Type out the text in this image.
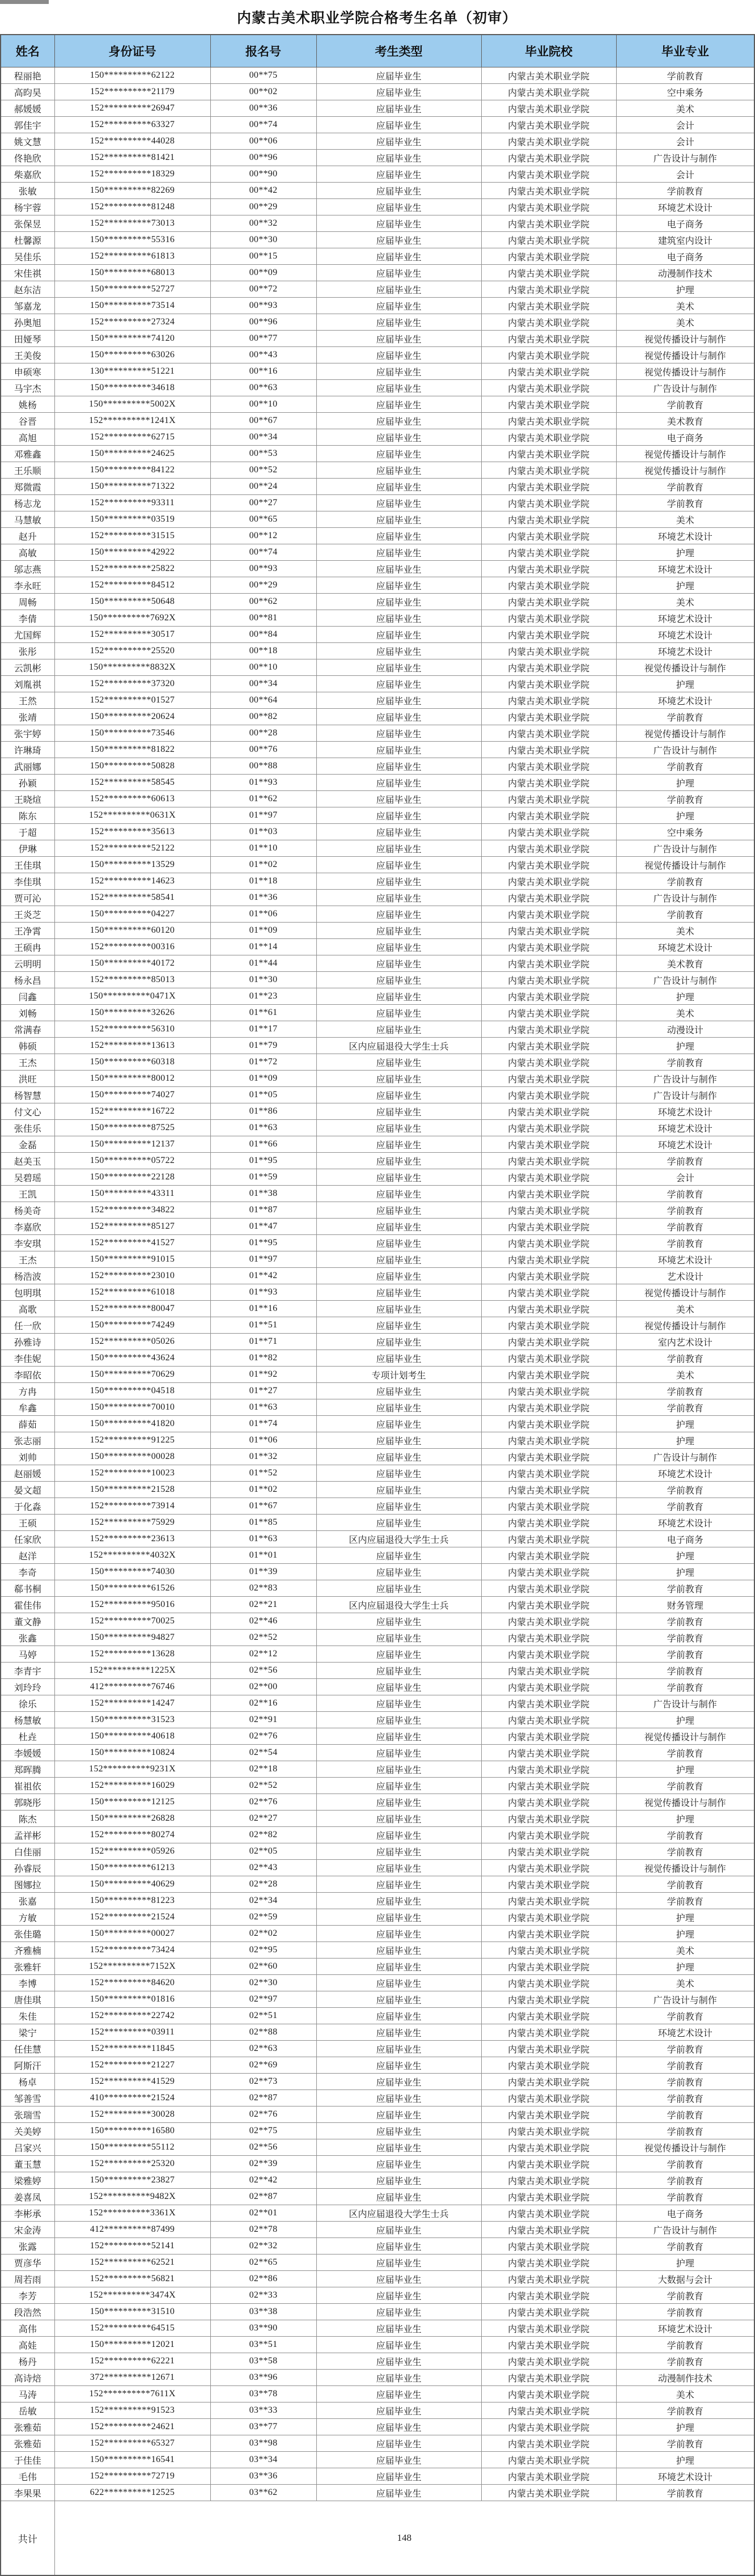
内蒙古美术职业学院合格考生名单（初审）
姓名	身份证号	报名号	考生类型	毕业院校	毕业专业
程丽艳	150**********62122	00**75	应届毕业生	内蒙古美术职业学院	学前教育
高昀昊	152**********21179	00**02	应届毕业生	内蒙古美术职业学院	空中乘务
郝媛媛	152**********26947	00**36	应届毕业生	内蒙古美术职业学院	美术
郭佳宇	152**********63327	00**74	应届毕业生	内蒙古美术职业学院	会计
姚文慧	152**********44028	00**06	应届毕业生	内蒙古美术职业学院	会计
佟艳欣	152**********81421	00**96	应届毕业生	内蒙古美术职业学院	广告设计与制作
柴嘉欣	152**********18329	00**90	应届毕业生	内蒙古美术职业学院	会计
张敏	150**********82269	00**42	应届毕业生	内蒙古美术职业学院	学前教育
杨宇蓉	152**********81248	00**29	应届毕业生	内蒙古美术职业学院	环境艺术设计
张保昱	152**********73013	00**32	应届毕业生	内蒙古美术职业学院	电子商务
杜馨源	150**********55316	00**30	应届毕业生	内蒙古美术职业学院	建筑室内设计
吴佳乐	152**********61813	00**15	应届毕业生	内蒙古美术职业学院	电子商务
宋佳祺	150**********68013	00**09	应届毕业生	内蒙古美术职业学院	动漫制作技术
赵东洁	150**********52727	00**72	应届毕业生	内蒙古美术职业学院	护理
邹嘉龙	150**********73514	00**93	应届毕业生	内蒙古美术职业学院	美术
孙奥旭	152**********27324	00**96	应届毕业生	内蒙古美术职业学院	美术
田娅琴	150**********74120	00**77	应届毕业生	内蒙古美术职业学院	视觉传播设计与制作
王美俊	150**********63026	00**43	应届毕业生	内蒙古美术职业学院	视觉传播设计与制作
申硕寒	130**********51221	00**16	应届毕业生	内蒙古美术职业学院	视觉传播设计与制作
马宇杰	150**********34618	00**63	应届毕业生	内蒙古美术职业学院	广告设计与制作
姚杨	150**********5002X	00**10	应届毕业生	内蒙古美术职业学院	学前教育
谷晋	152**********1241X	00**67	应届毕业生	内蒙古美术职业学院	美术教育
高旭	152**********62715	00**34	应届毕业生	内蒙古美术职业学院	电子商务
邓雅鑫	150**********24625	00**53	应届毕业生	内蒙古美术职业学院	视觉传播设计与制作
王乐顺	150**********84122	00**52	应届毕业生	内蒙古美术职业学院	视觉传播设计与制作
郑微霞	150**********71322	00**24	应届毕业生	内蒙古美术职业学院	学前教育
杨志龙	152**********93311	00**27	应届毕业生	内蒙古美术职业学院	学前教育
马慧敏	150**********03519	00**65	应届毕业生	内蒙古美术职业学院	美术
赵升	152**********31515	00**12	应届毕业生	内蒙古美术职业学院	环境艺术设计
高敏	150**********42922	00**74	应届毕业生	内蒙古美术职业学院	护理
邬志燕	152**********25822	00**93	应届毕业生	内蒙古美术职业学院	环境艺术设计
李永旺	152**********84512	00**29	应届毕业生	内蒙古美术职业学院	护理
周畅	150**********50648	00**62	应届毕业生	内蒙古美术职业学院	美术
李倩	150**********7692X	00**81	应届毕业生	内蒙古美术职业学院	环境艺术设计
尤国辉	152**********30517	00**84	应届毕业生	内蒙古美术职业学院	环境艺术设计
张彤	152**********25520	00**18	应届毕业生	内蒙古美术职业学院	环境艺术设计
云凯彬	150**********8832X	00**10	应届毕业生	内蒙古美术职业学院	视觉传播设计与制作
刘胤祺	152**********37320	00**34	应届毕业生	内蒙古美术职业学院	护理
王然	152**********01527	00**64	应届毕业生	内蒙古美术职业学院	环境艺术设计
张靖	150**********20624	00**82	应届毕业生	内蒙古美术职业学院	学前教育
张宇婷	150**********73546	00**28	应届毕业生	内蒙古美术职业学院	视觉传播设计与制作
许琳琦	150**********81822	00**76	应届毕业生	内蒙古美术职业学院	广告设计与制作
武丽娜	150**********50828	00**88	应届毕业生	内蒙古美术职业学院	学前教育
孙颖	152**********58545	01**93	应届毕业生	内蒙古美术职业学院	护理
王晓煊	152**********60613	01**62	应届毕业生	内蒙古美术职业学院	学前教育
陈东	152**********0631X	01**97	应届毕业生	内蒙古美术职业学院	护理
于超	152**********35613	01**03	应届毕业生	内蒙古美术职业学院	空中乘务
伊琳	152**********52122	01**10	应届毕业生	内蒙古美术职业学院	广告设计与制作
王佳琪	150**********13529	01**02	应届毕业生	内蒙古美术职业学院	视觉传播设计与制作
李佳琪	152**********14623	01**18	应届毕业生	内蒙古美术职业学院	学前教育
贾可沁	152**********58541	01**36	应届毕业生	内蒙古美术职业学院	广告设计与制作
王炎芝	150**********04227	01**06	应届毕业生	内蒙古美术职业学院	学前教育
王净霄	150**********60120	01**09	应届毕业生	内蒙古美术职业学院	美术
王硕冉	152**********00316	01**14	应届毕业生	内蒙古美术职业学院	环境艺术设计
云明明	150**********40172	01**44	应届毕业生	内蒙古美术职业学院	美术教育
杨永昌	152**********85013	01**30	应届毕业生	内蒙古美术职业学院	广告设计与制作
闫鑫	150**********0471X	01**23	应届毕业生	内蒙古美术职业学院	护理
刘畅	150**********32626	01**61	应届毕业生	内蒙古美术职业学院	美术
常满春	152**********56310	01**17	应届毕业生	内蒙古美术职业学院	动漫设计
韩硕	152**********13613	01**79	区内应届退役大学生士兵	内蒙古美术职业学院	护理
王杰	150**********60318	01**72	应届毕业生	内蒙古美术职业学院	学前教育
洪旺	150**********80012	01**09	应届毕业生	内蒙古美术职业学院	广告设计与制作
杨智慧	150**********74027	01**05	应届毕业生	内蒙古美术职业学院	广告设计与制作
付文心	152**********16722	01**86	应届毕业生	内蒙古美术职业学院	环境艺术设计
张佳乐	150**********87525	01**63	应届毕业生	内蒙古美术职业学院	环境艺术设计
金磊	150**********12137	01**66	应届毕业生	内蒙古美术职业学院	环境艺术设计
赵美玉	150**********05722	01**95	应届毕业生	内蒙古美术职业学院	学前教育
吴碧瑶	150**********22128	01**59	应届毕业生	内蒙古美术职业学院	会计
王凯	150**********43311	01**38	应届毕业生	内蒙古美术职业学院	学前教育
杨美奇	152**********34822	01**87	应届毕业生	内蒙古美术职业学院	学前教育
李嘉欣	152**********85127	01**47	应届毕业生	内蒙古美术职业学院	学前教育
李安琪	152**********41527	01**95	应届毕业生	内蒙古美术职业学院	学前教育
王杰	150**********91015	01**97	应届毕业生	内蒙古美术职业学院	环境艺术设计
杨浩波	152**********23010	01**42	应届毕业生	内蒙古美术职业学院	艺术设计
包明琪	152**********61018	01**93	应届毕业生	内蒙古美术职业学院	视觉传播设计与制作
高歌	152**********80047	01**16	应届毕业生	内蒙古美术职业学院	美术
任一欣	150**********74249	01**51	应届毕业生	内蒙古美术职业学院	视觉传播设计与制作
孙雅诗	152**********05026	01**71	应届毕业生	内蒙古美术职业学院	室内艺术设计
李佳妮	150**********43624	01**82	应届毕业生	内蒙古美术职业学院	学前教育
李昭依	150**********70629	01**92	专项计划考生	内蒙古美术职业学院	美术
方冉	150**********04518	01**27	应届毕业生	内蒙古美术职业学院	学前教育
牟鑫	150**********70010	01**63	应届毕业生	内蒙古美术职业学院	学前教育
薛茹	150**********41820	01**74	应届毕业生	内蒙古美术职业学院	护理
张志丽	152**********91225	01**06	应届毕业生	内蒙古美术职业学院	护理
刘帅	150**********00028	01**32	应届毕业生	内蒙古美术职业学院	广告设计与制作
赵丽媛	152**********10023	01**52	应届毕业生	内蒙古美术职业学院	环境艺术设计
晏文超	150**********21528	01**02	应届毕业生	内蒙古美术职业学院	学前教育
于化淼	152**********73914	01**67	应届毕业生	内蒙古美术职业学院	学前教育
王硕	152**********75929	01**85	应届毕业生	内蒙古美术职业学院	环境艺术设计
任家欣	152**********23613	01**63	区内应届退役大学生士兵	内蒙古美术职业学院	电子商务
赵洋	152**********4032X	01**01	应届毕业生	内蒙古美术职业学院	护理
李奇	150**********74030	01**39	应届毕业生	内蒙古美术职业学院	护理
郗书桐	150**********61526	02**83	应届毕业生	内蒙古美术职业学院	学前教育
霍佳伟	152**********95016	02**21	区内应届退役大学生士兵	内蒙古美术职业学院	财务管理
董文静	152**********70025	02**46	应届毕业生	内蒙古美术职业学院	学前教育
张鑫	150**********94827	02**52	应届毕业生	内蒙古美术职业学院	学前教育
马婷	152**********13628	02**12	应届毕业生	内蒙古美术职业学院	学前教育
李青宇	152**********1225X	02**56	应届毕业生	内蒙古美术职业学院	学前教育
刘玲玲	412**********76746	02**00	应届毕业生	内蒙古美术职业学院	学前教育
徐乐	152**********14247	02**16	应届毕业生	内蒙古美术职业学院	广告设计与制作
杨慧敏	150**********31523	02**91	应届毕业生	内蒙古美术职业学院	护理
杜垚	150**********40618	02**76	应届毕业生	内蒙古美术职业学院	视觉传播设计与制作
李媛媛	150**********10824	02**54	应届毕业生	内蒙古美术职业学院	学前教育
郑晖腾	152**********9231X	02**18	应届毕业生	内蒙古美术职业学院	护理
崔祖依	152**********16029	02**52	应届毕业生	内蒙古美术职业学院	学前教育
郭晓彤	150**********12125	02**76	应届毕业生	内蒙古美术职业学院	视觉传播设计与制作
陈杰	150**********26828	02**27	应届毕业生	内蒙古美术职业学院	护理
孟祥彬	152**********80274	02**82	应届毕业生	内蒙古美术职业学院	学前教育
白佳丽	152**********05926	02**05	应届毕业生	内蒙古美术职业学院	学前教育
孙睿辰	150**********61213	02**43	应届毕业生	内蒙古美术职业学院	视觉传播设计与制作
图娜拉	150**********40629	02**28	应届毕业生	内蒙古美术职业学院	学前教育
张嘉	150**********81223	02**34	应届毕业生	内蒙古美术职业学院	学前教育
方敏	152**********21524	02**59	应届毕业生	内蒙古美术职业学院	护理
张佳璐	150**********00027	02**02	应届毕业生	内蒙古美术职业学院	护理
齐雅楠	152**********73424	02**95	应届毕业生	内蒙古美术职业学院	美术
张雅轩	152**********7152X	02**60	应届毕业生	内蒙古美术职业学院	护理
李博	152**********84620	02**30	应届毕业生	内蒙古美术职业学院	美术
唐佳琪	150**********01816	02**97	应届毕业生	内蒙古美术职业学院	广告设计与制作
朱佳	152**********22742	02**51	应届毕业生	内蒙古美术职业学院	学前教育
梁宁	152**********03911	02**88	应届毕业生	内蒙古美术职业学院	环境艺术设计
任佳慧	152**********11845	02**63	应届毕业生	内蒙古美术职业学院	学前教育
阿斯汗	152**********21227	02**69	应届毕业生	内蒙古美术职业学院	学前教育
杨卓	152**********41529	02**73	应届毕业生	内蒙古美术职业学院	学前教育
邹善雪	410**********21524	02**87	应届毕业生	内蒙古美术职业学院	学前教育
张瑞雪	152**********30028	02**76	应届毕业生	内蒙古美术职业学院	学前教育
关美婷	150**********16580	02**75	应届毕业生	内蒙古美术职业学院	学前教育
吕家兴	150**********55112	02**56	应届毕业生	内蒙古美术职业学院	视觉传播设计与制作
董玉慧	152**********25320	02**39	应届毕业生	内蒙古美术职业学院	学前教育
梁雅婷	150**********23827	02**42	应届毕业生	内蒙古美术职业学院	学前教育
姜喜凤	152**********9482X	02**87	应届毕业生	内蒙古美术职业学院	学前教育
李彬承	152**********3361X	02**01	区内应届退役大学生士兵	内蒙古美术职业学院	电子商务
宋金涛	412**********87499	02**78	应届毕业生	内蒙古美术职业学院	广告设计与制作
张露	152**********52141	02**32	应届毕业生	内蒙古美术职业学院	学前教育
贾彦华	152**********62521	02**65	应届毕业生	内蒙古美术职业学院	护理
周若雨	152**********56821	02**86	应届毕业生	内蒙古美术职业学院	大数据与会计
李芳	152**********3474X	02**33	应届毕业生	内蒙古美术职业学院	学前教育
段浩然	150**********31510	03**38	应届毕业生	内蒙古美术职业学院	学前教育
高伟	152**********64515	03**90	应届毕业生	内蒙古美术职业学院	环境艺术设计
高娃	150**********12021	03**51	应届毕业生	内蒙古美术职业学院	学前教育
杨丹	152**********62221	03**58	应届毕业生	内蒙古美术职业学院	学前教育
高诗焙	372**********12671	03**96	应届毕业生	内蒙古美术职业学院	动漫制作技术
马涛	152**********7611X	03**78	应届毕业生	内蒙古美术职业学院	美术
岳敏	152**********91523	03**33	应届毕业生	内蒙古美术职业学院	学前教育
张雅茹	152**********24621	03**77	应届毕业生	内蒙古美术职业学院	护理
张雅茹	152**********65327	03**98	应届毕业生	内蒙古美术职业学院	学前教育
于佳佳	150**********16541	03**34	应届毕业生	内蒙古美术职业学院	护理
毛伟	152**********72719	03**36	应届毕业生	内蒙古美术职业学院	环境艺术设计
李果果	622**********12525	03**62	应届毕业生	内蒙古美术职业学院	学前教育
共计	148				
